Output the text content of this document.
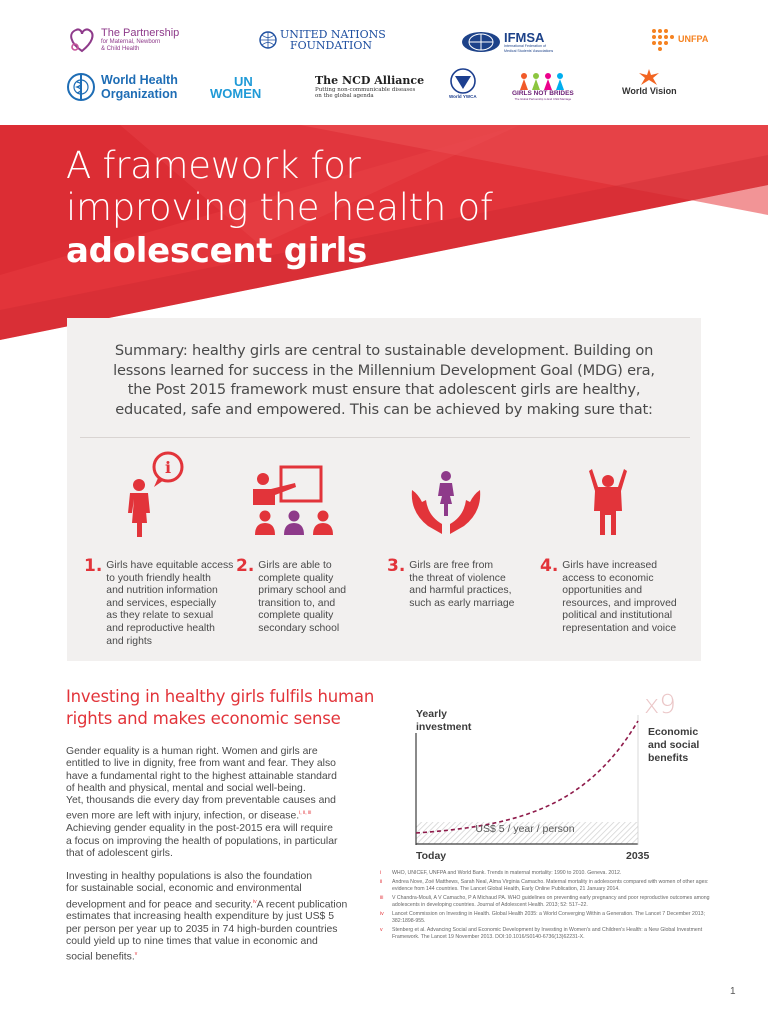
The Partnership
for Maternal, Newborn
& Child Health
UNITED NATIONS
FOUNDATION
IFMSA
International Federation of
Medical Students' Associations
UNFPA
World Health
Organization
UN
WOMEN
The NCD Alliance
Putting non-communicable diseases
on the global agenda	World YWCA	GIRLS NOT BRIDES
The Global Partnership to End Child Marriage
World Vision
A framework for
improving the health of
adolescent girls
Summary: healthy girls are central to sustainable development. Building on
lessons learned for success in the Millennium Development Goal (MDG) era,
the Post 2015 framework must ensure that adolescent girls are healthy,
educated, safe and empowered. This can be achieved by making sure that:
i
1. Girls have equitable access
to youth friendly health
and nutrition information
and services, especially
as they relate to sexual
and reproductive health
and rights
2. Girls are able to
complete quality
primary school and
transition to, and
complete quality
secondary school
3. Girls are free from
the threat of violence
and harmful practices,
such as early marriage
4. Girls have increased
access to economic
opportunities and
resources, and improved
political and institutional
representation and voice
Investing in healthy girls fulfils human
rights and makes economic sense
Gender equality is a human right. Women and girls are
entitled to live in dignity, free from want and fear. They also
have a fundamental right to the highest attainable standard
of health and physical, mental and social well-being.
Yet, thousands die every day from preventable causes and
even more are left with injury, infection, or disease.$^{i, ii, iii}$
Achieving gender equality in the post-2015 era will require
a focus on improving the health of populations, in particular
that of adolescent girls.
Investing in healthy populations is also the foundation
for sustainable social, economic and environmental
development and for peace and security.$^{iv}$A recent publication
estimates that increasing health expenditure by just US$ 5
per person per year up to 2035 in 74 high-burden countries
could yield up to nine times that value in economic and
social benefits.$^v$
x9
Yearly
investment	Economic
and social
benefits
US$ 5 / year / person
Today	2035
i	WHO, UNICEF, UNFPA and World Bank. Trends in maternal mortality: 1990 to 2010. Geneva. 2012.
ii	Andrea Nove, Zoë Matthews, Sarah Neal, Alma Virginia Camacho. Maternal mortality in adolescents compared with women of other ages: evidence from 144 countries. The Lancet Global Health, Early Online Publication, 21 January 2014.
iii	V Chandra-Mouli, A V Camacho, P A Michaud PA. WHO guidelines on preventing early pregnancy and poor reproductive outcomes among adolescents in developing countries. Journal of Adolescent Health. 2013; 52: 517–22.
iv	Lancet Commission on Investing in Health. Global Health 2035: a World Converging Within a Generation. The Lancet 7 December 2013; 382:1898-955.
v	Stenberg et al. Advancing Social and Economic Development by Investing in Women's and Children's Health: a New Global Investment Framework. The Lancet 19 November 2013. DOI:10.1016/S0140-6736(13)62231-X.
1
